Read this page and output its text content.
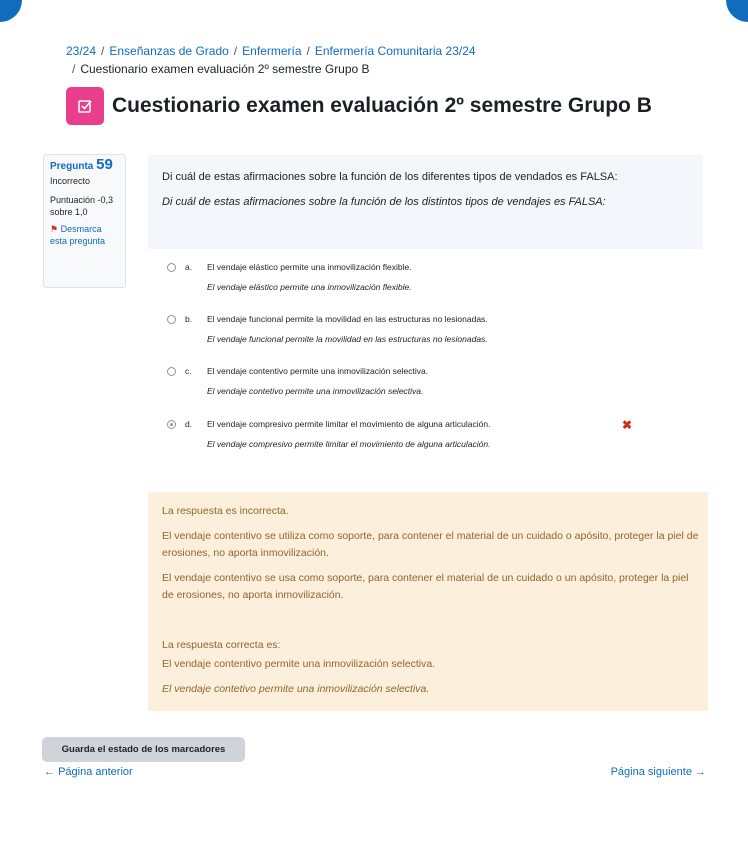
23/24 / Enseñanzas de Grado / Enfermería / Enfermería Comunitaria 23/24
/ Cuestionario examen evaluación 2º semestre Grupo B
Cuestionario examen evaluación 2º semestre Grupo B
Pregunta 59
Incorrecto
Puntuación -0,3 sobre 1,0
⚑ Desmarca esta pregunta
Di cuál de estas afirmaciones sobre la función de los diferentes tipos de vendados es FALSA:
Di cuál de estas afirmaciones sobre la función de los distintos tipos de vendajes es FALSA:
a. El vendaje elástico permite una inmovilización flexible.
El vendaje elástico permite una inmovilización flexible.
b. El vendaje funcional permite la movilidad en las estructuras no lesionadas.
El vendaje funcional permite la movilidad en las estructuras no lesionadas.
c. El vendaje contentivo permite una inmovilización selectiva.
El vendaje contetivo permite una inmovilización selectiva.
d. El vendaje compresivo permite limitar el movimiento de alguna articulación.
El vendaje compresivo permite limitar el movimiento de alguna articulación.
✖
La respuesta es incorrecta.
El vendaje contentivo se utiliza como soporte, para contener el material de un cuidado o apósito, proteger la piel de erosiones, no aporta inmovilización.
El vendaje contentivo se usa como soporte, para contener el material de un cuidado o un apósito, proteger la piel de erosiones, no aporta inmovilización.
La respuesta correcta es:
El vendaje contentivo permite una inmovilización selectiva.
El vendaje contetivo permite una inmovilización selectiva.
Guarda el estado de los marcadores
← Página anterior	Página siguiente →
